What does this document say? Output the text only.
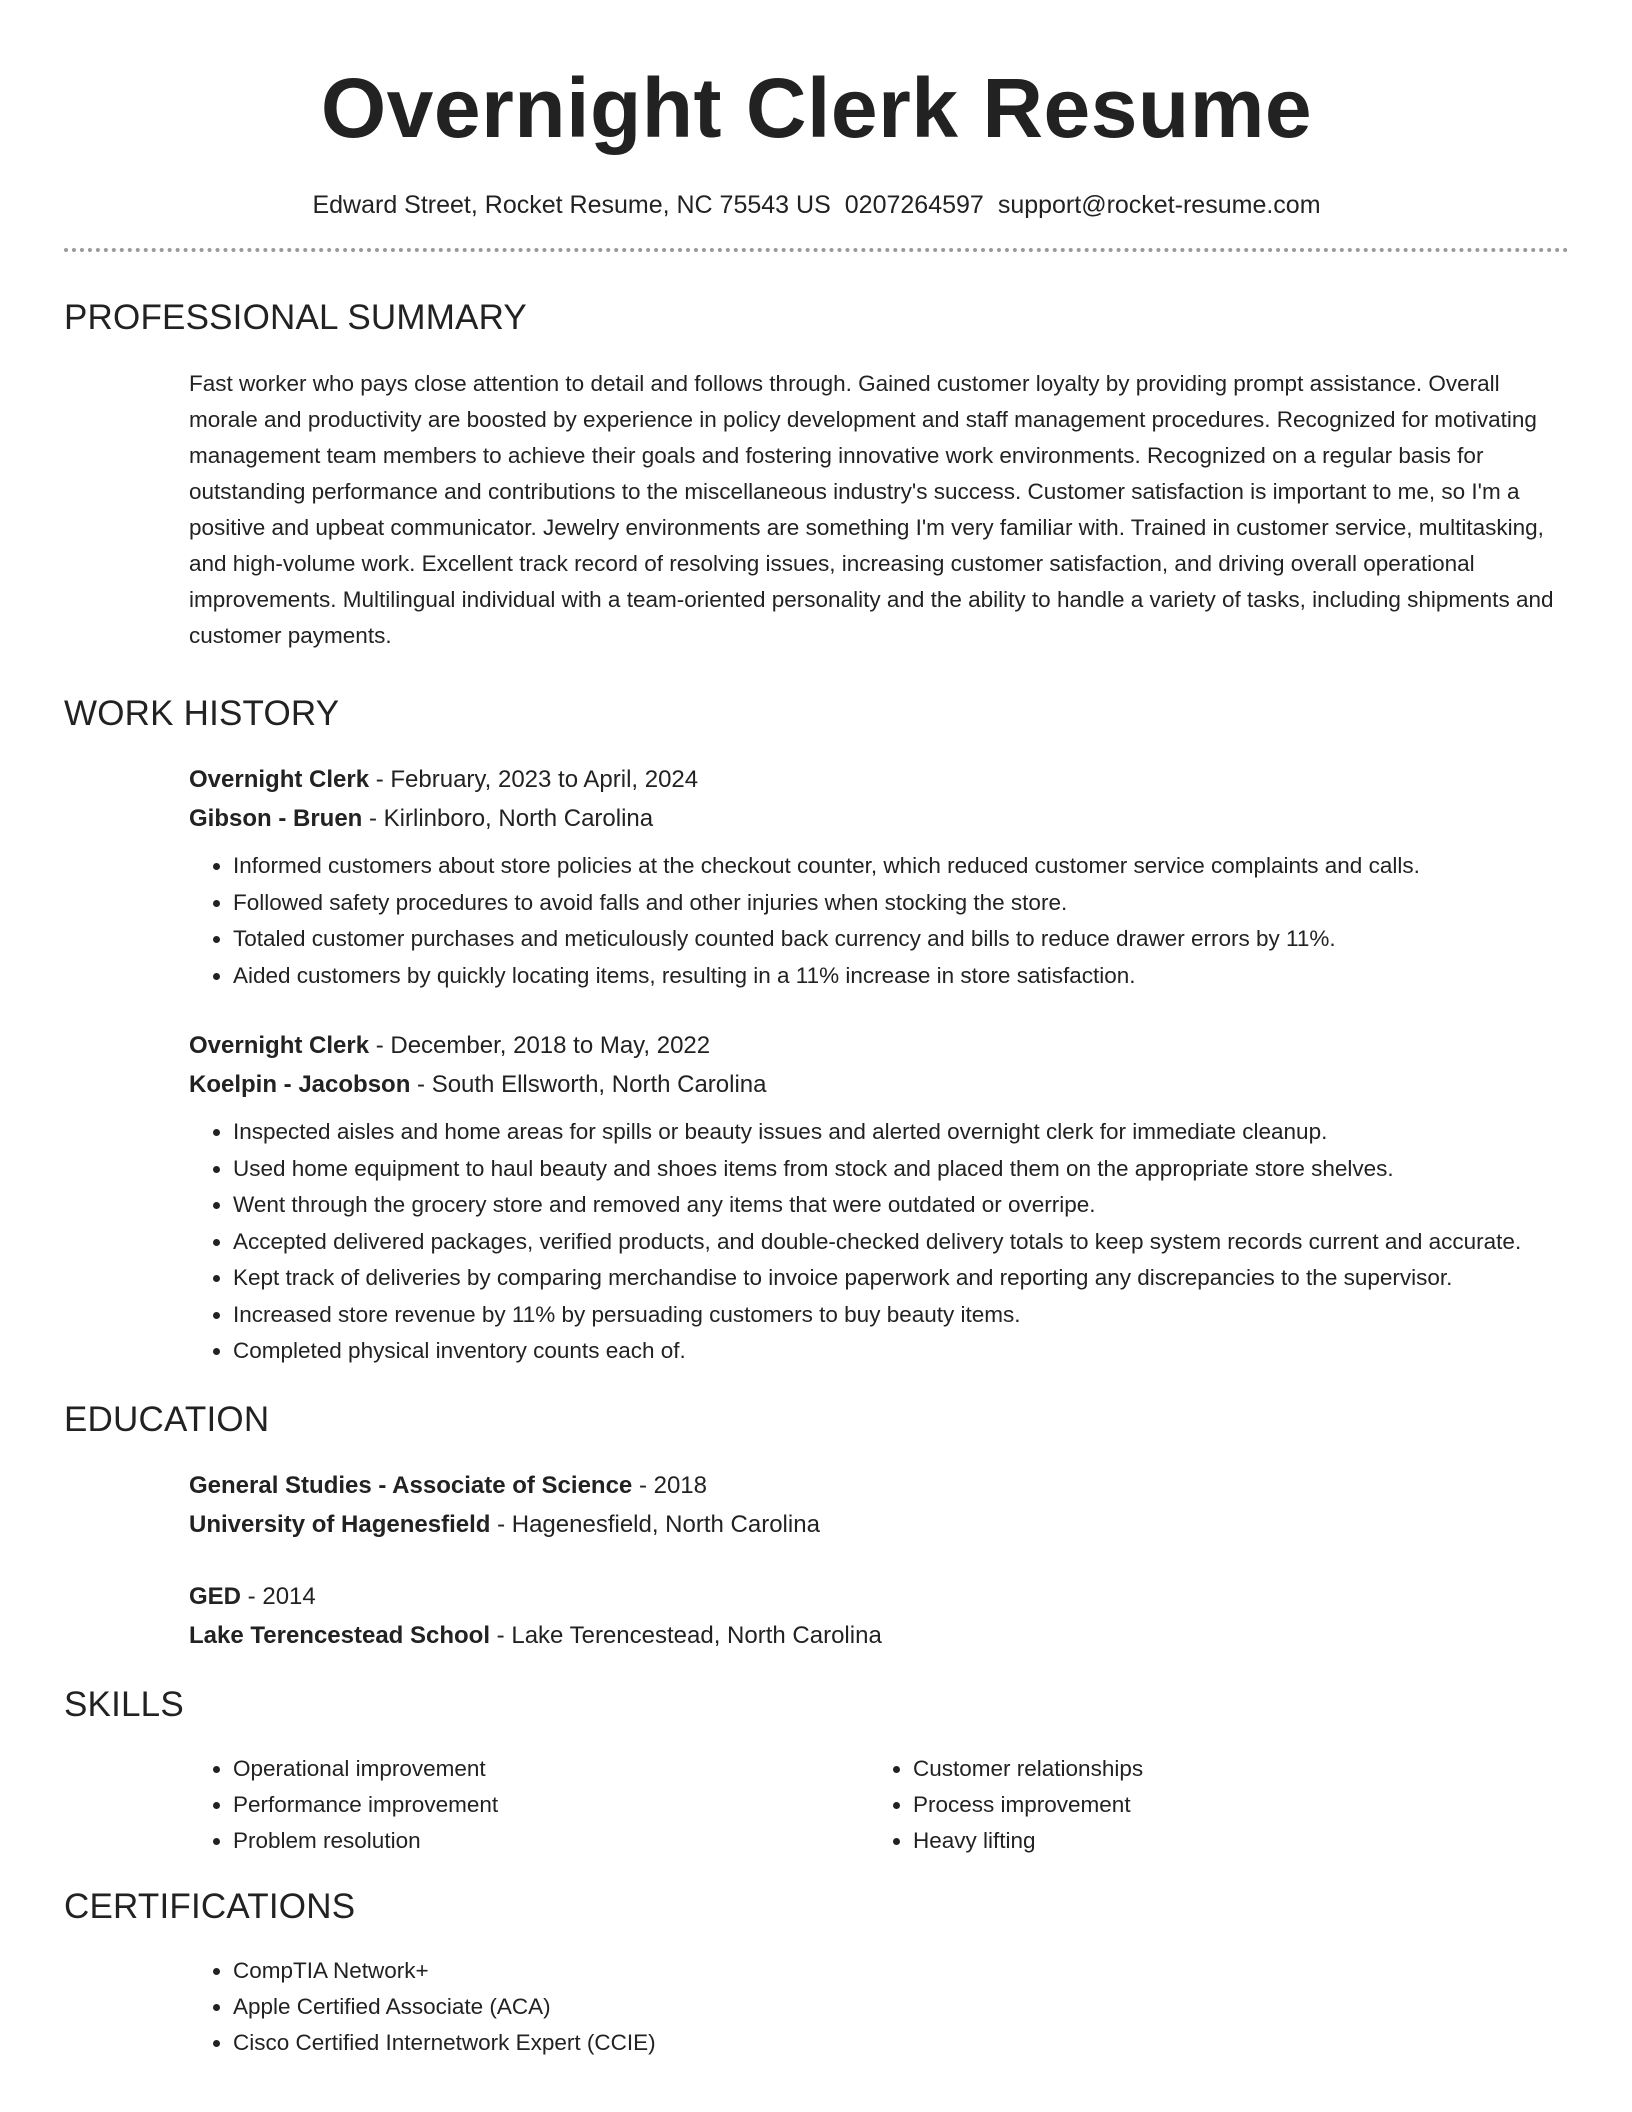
Overnight Clerk Resume
Edward Street, Rocket Resume, NC 75543 US 0207264597 support@rocket-resume.com
PROFESSIONAL SUMMARY
Fast worker who pays close attention to detail and follows through. Gained customer loyalty by providing prompt assistance. Overall morale and productivity are boosted by experience in policy development and staff management procedures. Recognized for motivating management team members to achieve their goals and fostering innovative work environments. Recognized on a regular basis for outstanding performance and contributions to the miscellaneous industry's success. Customer satisfaction is important to me, so I'm a positive and upbeat communicator. Jewelry environments are something I'm very familiar with. Trained in customer service, multitasking, and high-volume work. Excellent track record of resolving issues, increasing customer satisfaction, and driving overall operational improvements. Multilingual individual with a team-oriented personality and the ability to handle a variety of tasks, including shipments and customer payments.
WORK HISTORY
Overnight Clerk - February, 2023 to April, 2024
Gibson - Bruen - Kirlinboro, North Carolina
• Informed customers about store policies at the checkout counter, which reduced customer service complaints and calls.
• Followed safety procedures to avoid falls and other injuries when stocking the store.
• Totaled customer purchases and meticulously counted back currency and bills to reduce drawer errors by 11%.
• Aided customers by quickly locating items, resulting in a 11% increase in store satisfaction.
Overnight Clerk - December, 2018 to May, 2022
Koelpin - Jacobson - South Ellsworth, North Carolina
• Inspected aisles and home areas for spills or beauty issues and alerted overnight clerk for immediate cleanup.
• Used home equipment to haul beauty and shoes items from stock and placed them on the appropriate store shelves.
• Went through the grocery store and removed any items that were outdated or overripe.
• Accepted delivered packages, verified products, and double-checked delivery totals to keep system records current and accurate.
• Kept track of deliveries by comparing merchandise to invoice paperwork and reporting any discrepancies to the supervisor.
• Increased store revenue by 11% by persuading customers to buy beauty items.
• Completed physical inventory counts each of.
EDUCATION
General Studies - Associate of Science - 2018
University of Hagenesfield - Hagenesfield, North Carolina
GED - 2014
Lake Terencestead School - Lake Terencestead, North Carolina
SKILLS
• Operational improvement
• Performance improvement
• Problem resolution
• Customer relationships
• Process improvement
• Heavy lifting
CERTIFICATIONS
• CompTIA Network+
• Apple Certified Associate (ACA)
• Cisco Certified Internetwork Expert (CCIE)
